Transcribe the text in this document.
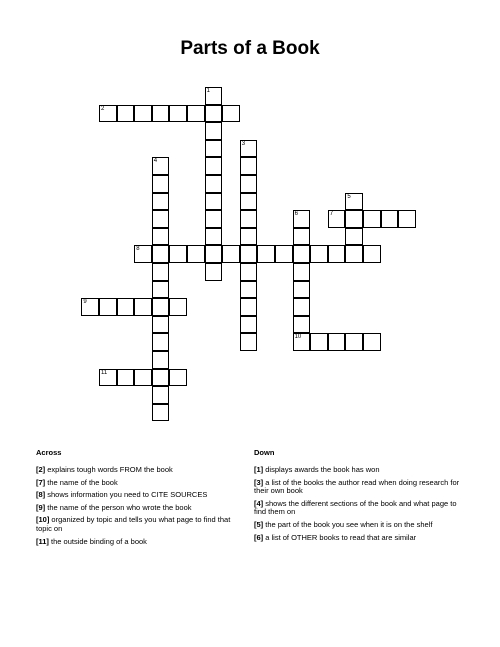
Parts of a Book
2
7
8
9
10
11
1
3
4
5
6
Across
[2] explains tough words FROM the book
[7] the name of the book
[8] shows information you need to CITE SOURCES
[9] the name of the person who wrote the book
[10] organized by topic and tells you what page to find that topic on
[11] the outside binding of a book
Down
[1] displays awards the book has won
[3] a list of the books the author read when doing research for their own book
[4] shows the different sections of the book and what page to find them on
[5] the part of the book you see when it is on the shelf
[6] a list of OTHER books to read that are similar
